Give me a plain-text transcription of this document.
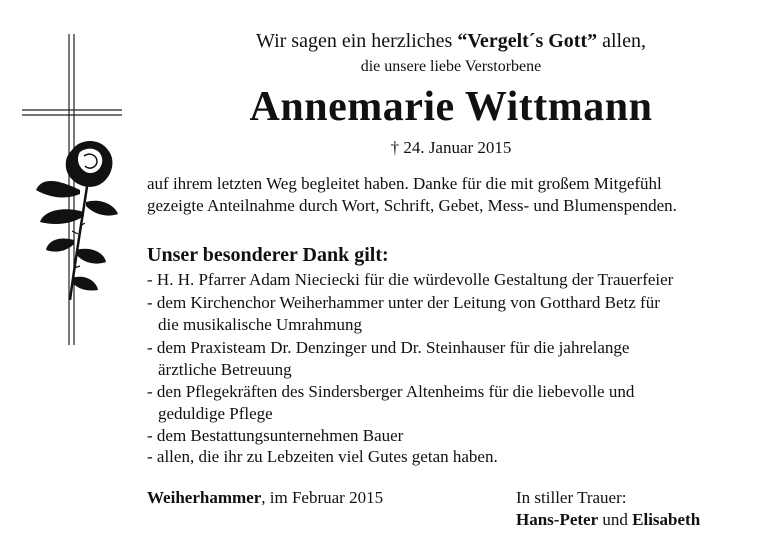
Wir sagen ein herzliches “Vergelt´s Gott” allen,
die unsere liebe Verstorbene
Annemarie Wittmann
† 24. Januar 2015
auf ihrem letzten Weg begleitet haben. Danke für die mit großem Mitgefühl
gezeigte Anteilnahme durch Wort, Schrift, Gebet, Mess- und Blumenspenden.
Unser besonderer Dank gilt:
- H. H. Pfarrer Adam Nieciecki für die würdevolle Gestaltung der Trauerfeier
- dem Kirchenchor Weiherhammer unter der Leitung von Gotthard Betz für
die musikalische Umrahmung
- dem Praxisteam Dr. Denzinger und Dr. Steinhauser für die jahrelange
ärztliche Betreuung
- den Pflegekräften des Sindersberger Altenheims für die liebevolle und
geduldige Pflege
- dem Bestattungsunternehmen Bauer
- allen, die ihr zu Lebzeiten viel Gutes getan haben.
Weiherhammer, im Februar 2015	In stiller Trauer:
Hans-Peter und Elisabeth
